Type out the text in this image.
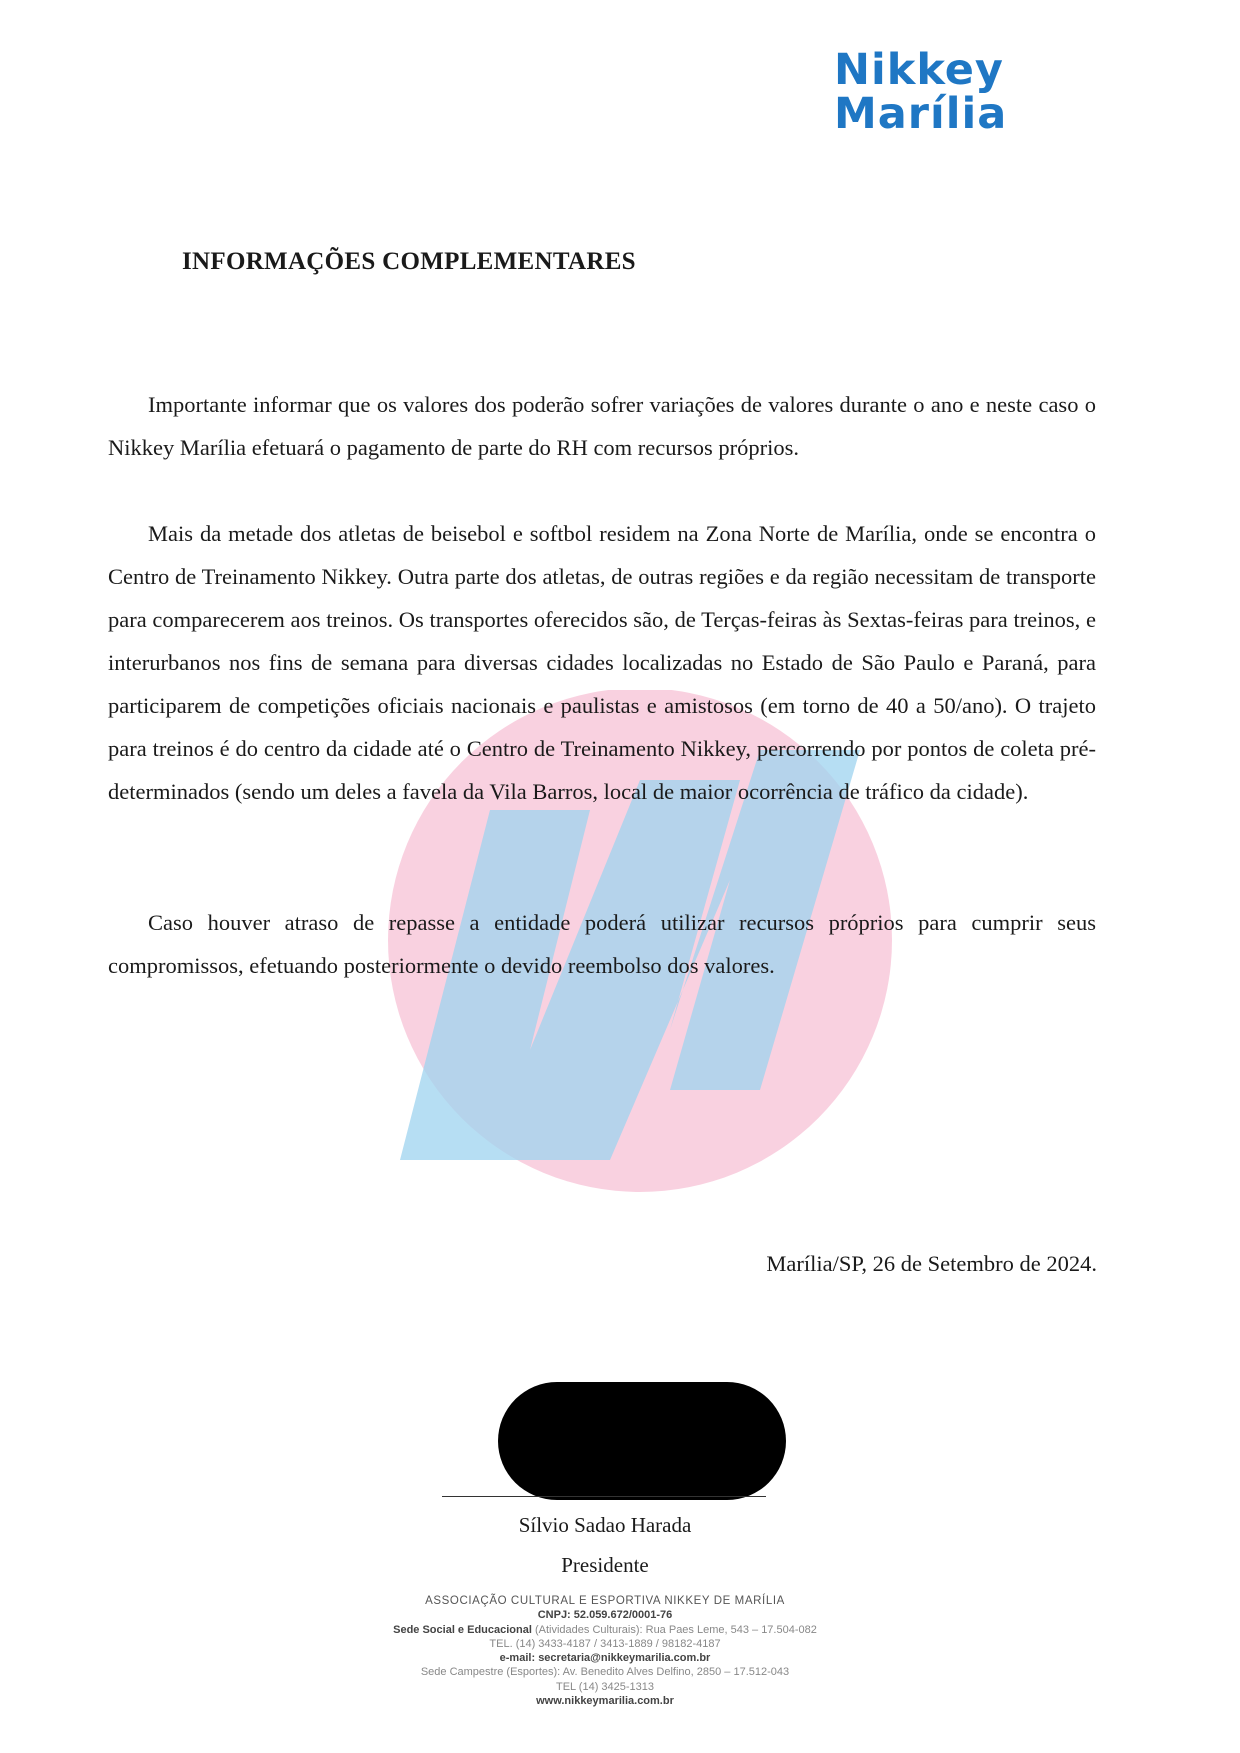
Nikkey
Marília
INFORMAÇÕES COMPLEMENTARES

Importante informar que os valores dos poderão sofrer variações de valores durante o ano e neste caso o Nikkey Marília efetuará o pagamento de parte do RH com recursos próprios.

Mais da metade dos atletas de beisebol e softbol residem na Zona Norte de Marília, onde se encontra o Centro de Treinamento Nikkey. Outra parte dos atletas, de outras regiões e da região necessitam de transporte para comparecerem aos treinos. Os transportes oferecidos são, de Terças-feiras às Sextas-feiras para treinos, e interurbanos nos fins de semana para diversas cidades localizadas no Estado de São Paulo e Paraná, para participarem de competições oficiais nacionais e paulistas e amistosos (em torno de 40 a 50/ano). O trajeto para treinos é do centro da cidade até o Centro de Treinamento Nikkey, percorrendo por pontos de coleta pré-determinados (sendo um deles a favela da Vila Barros, local de maior ocorrência de tráfico da cidade).

Caso houver atraso de repasse a entidade poderá utilizar recursos próprios para cumprir seus compromissos, efetuando posteriormente o devido reembolso dos valores.

Marília/SP, 26 de Setembro de 2024.
Sílvio Sadao Harada
Presidente
ASSOCIAÇÃO CULTURAL E ESPORTIVA NIKKEY DE MARÍLIA
CNPJ: 52.059.672/0001-76
Sede Social e Educacional (Atividades Culturais): Rua Paes Leme, 543 – 17.504-082
TEL. (14) 3433-4187 / 3413-1889 / 98182-4187
e-mail: secretaria@nikkeymarilia.com.br
Sede Campestre (Esportes): Av. Benedito Alves Delfino, 2850 – 17.512-043
TEL (14) 3425-1313
www.nikkeymarilia.com.br
